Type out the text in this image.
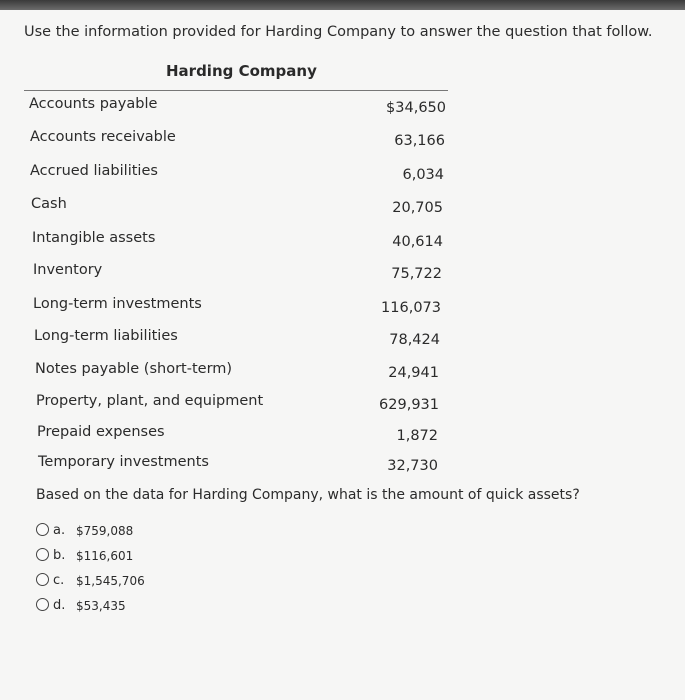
Use the information provided for Harding Company to answer the question that follow.
Harding Company
Accounts payable	$34,650
Accounts receivable	63,166
Accrued liabilities	6,034
Cash	20,705
Intangible assets	40,614
Inventory	75,722
Long-term investments	116,073
Long-term liabilities	78,424
Notes payable (short-term)	24,941
Property, plant, and equipment	629,931
Prepaid expenses	1,872
Temporary investments	32,730
Based on the data for Harding Company, what is the amount of quick assets?
a. $759,088
b. $116,601
c. $1,545,706
d. $53,435
